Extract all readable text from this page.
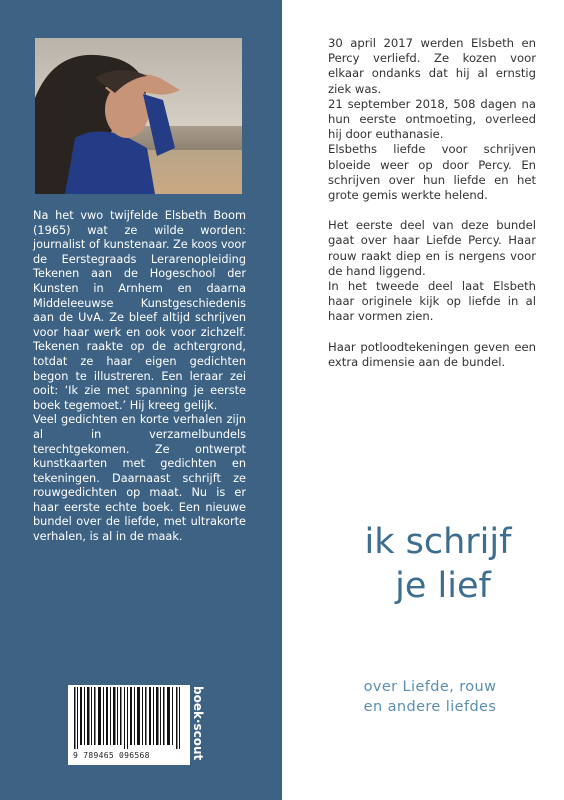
Na het vwo twijfelde Elsbeth Boom (1965) wat ze wilde worden: journalist of kunstenaar. Ze koos voor de Eerstegraads Lerarenopleiding Tekenen aan de Hogeschool der Kunsten in Arnhem en daarna Middeleeuwse Kunstgeschiedenis aan de UvA. Ze bleef altijd schrijven voor haar werk en ook voor zichzelf. Tekenen raakte op de achtergrond, totdat ze haar eigen gedichten begon te illustreren. Een leraar zei ooit: ‘Ik zie met spanning je eerste boek tegemoet.’ Hij kreeg gelijk.

Veel gedichten en korte verhalen zijn al in verzamelbundels terechtgekomen. Ze ontwerpt kunstkaarten met gedichten en tekeningen. Daarnaast schrijft ze rouwgedichten op maat. Nu is er haar eerste echte boek. Een nieuwe bundel over de liefde, met ultrakorte verhalen, is al in de maak.

9 789465 096568	boek·scout

30 april 2017 werden Elsbeth en Percy verliefd. Ze kozen voor elkaar ondanks dat hij al ernstig ziek was.

21 september 2018, 508 dagen na hun eerste ontmoeting, overleed hij door euthanasie.

Elsbeths liefde voor schrijven bloeide weer op door Percy. En schrijven over hun liefde en het grote gemis werkte helend.

Het eerste deel van deze bundel gaat over haar Liefde Percy. Haar rouw raakt diep en is nergens voor de hand liggend.

In het tweede deel laat Elsbeth haar originele kijk op liefde in al haar vormen zien.

Haar potloodtekeningen geven een extra dimensie aan de bundel.

ik schrijf
je lief
over Liefde, rouw
en andere liefdes
